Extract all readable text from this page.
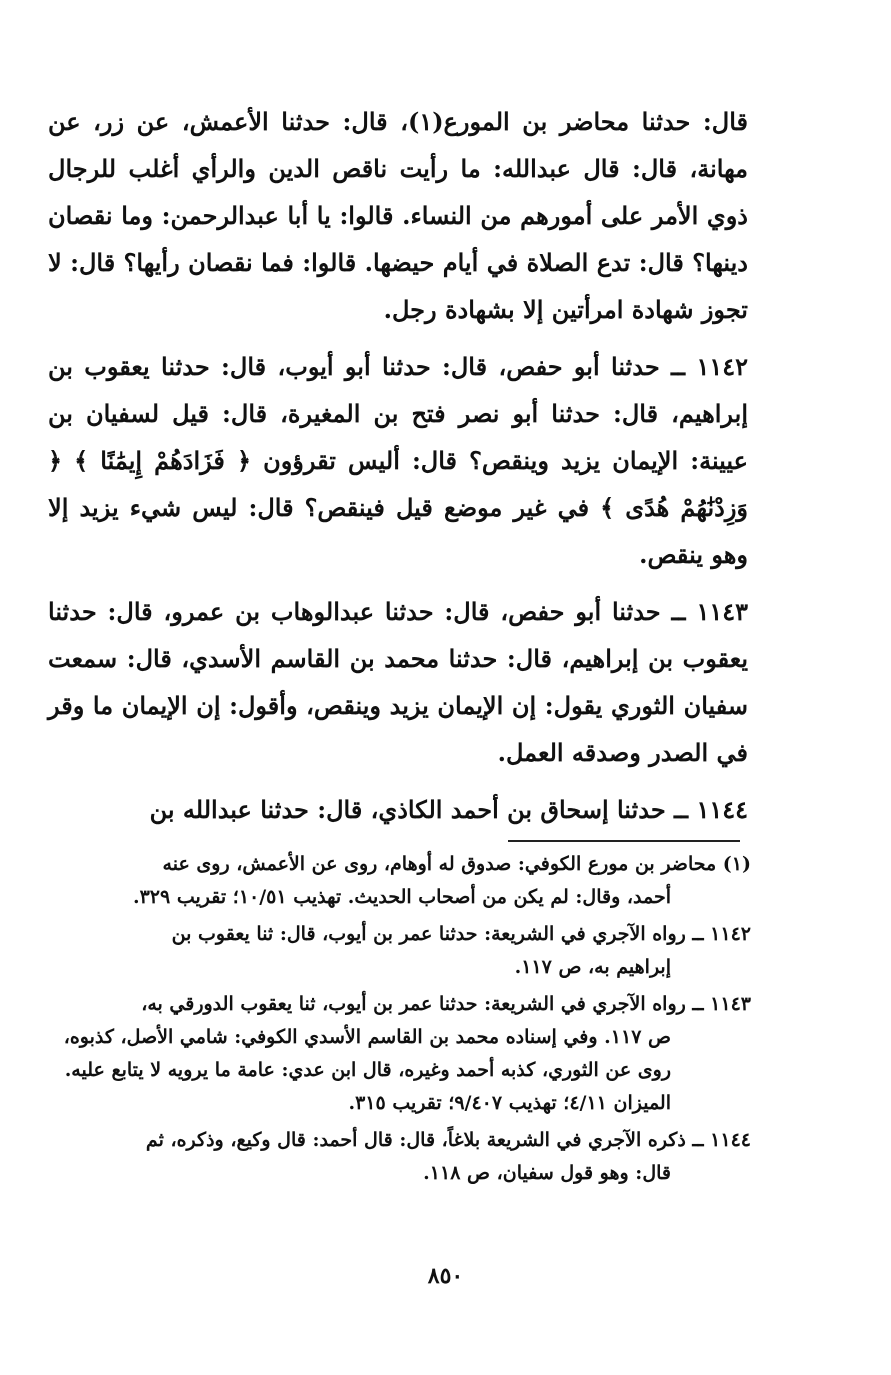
قال: حدثنا محاضر بن المورع(١)، قال: حدثنا الأعمش، عن زر، عن مهانة، قال: قال عبدالله: ما رأيت ناقص الدين والرأي أغلب للرجال ذوي الأمر على أمورهم من النساء. قالوا: يا أبا عبدالرحمن: وما نقصان دينها؟ قال: تدع الصلاة في أيام حيضها. قالوا: فما نقصان رأيها؟ قال: لا تجوز شهادة امرأتين إلا بشهادة رجل.

١١٤٢ ــ حدثنا أبو حفص، قال: حدثنا أبو أيوب، قال: حدثنا يعقوب بن إبراهيم، قال: حدثنا أبو نصر فتح بن المغيرة، قال: قيل لسفيان بن عيينة: الإيمان يزيد وينقص؟ قال: أليس تقرؤون ﴿ فَزَادَهُمْ إِيمَٰنًا ﴾ ﴿ وَزِدْنَٰهُمْ هُدًى ﴾ في غير موضع قيل فينقص؟ قال: ليس شيء يزيد إلا وهو ينقص.

١١٤٣ ــ حدثنا أبو حفص، قال: حدثنا عبدالوهاب بن عمرو، قال: حدثنا يعقوب بن إبراهيم، قال: حدثنا محمد بن القاسم الأسدي، قال: سمعت سفيان الثوري يقول: إن الإيمان يزيد وينقص، وأقول: إن الإيمان ما وقر في الصدر وصدقه العمل.

١١٤٤ ــ حدثنا إسحاق بن أحمد الكاذي، قال: حدثنا عبدالله بن

(١) محاضر بن مورع الكوفي: صدوق له أوهام، روى عن الأعمش، روى عنه
أحمد، وقال: لم يكن من أصحاب الحديث. تهذيب ١٠/٥١؛ تقريب ٣٢٩.
١١٤٢ ــ رواه الآجري في الشريعة: حدثنا عمر بن أيوب، قال: ثنا يعقوب بن
إبراهيم به، ص ١١٧.
١١٤٣ ــ رواه الآجري في الشريعة: حدثنا عمر بن أيوب، ثنا يعقوب الدورقي به،
ص ١١٧. وفي إسناده محمد بن القاسم الأسدي الكوفي: شامي الأصل، كذبوه، روى عن الثوري، كذبه أحمد وغيره، قال ابن عدي: عامة ما يرويه لا يتابع عليه. الميزان ٤/١١؛ تهذيب ٩/٤٠٧؛ تقريب ٣١٥.
١١٤٤ ــ ذكره الآجري في الشريعة بلاغاً، قال: قال أحمد: قال وكيع، وذكره، ثم
قال: وهو قول سفيان، ص ١١٨.
٨٥٠
